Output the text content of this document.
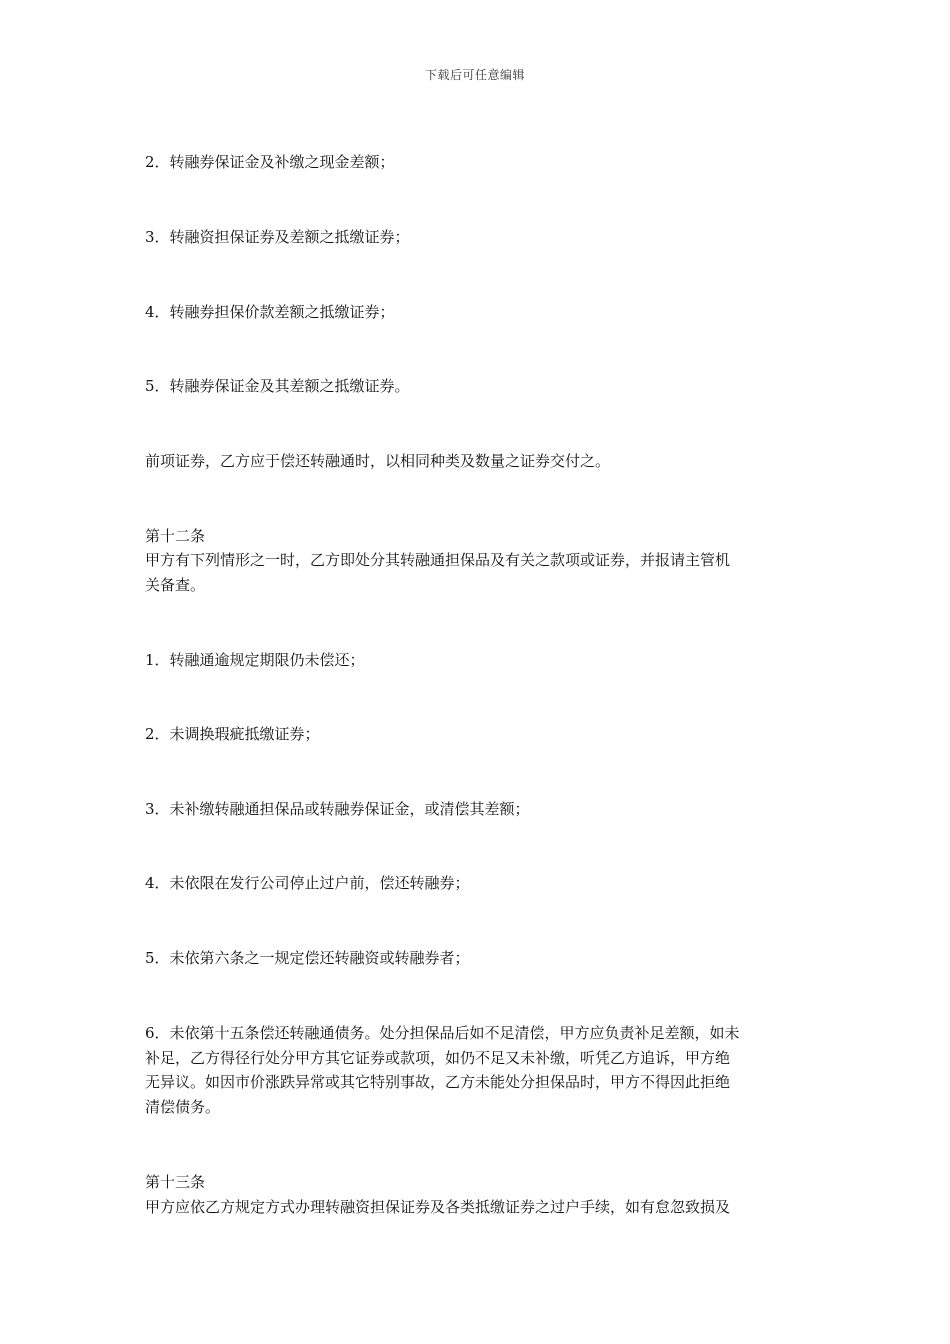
下载后可任意编辑
2．转融券保证金及补缴之现金差额；
3．转融资担保证券及差额之抵缴证券；
4．转融券担保价款差额之抵缴证券；
5．转融券保证金及其差额之抵缴证券。
前项证券，乙方应于偿还转融通时，以相同种类及数量之证券交付之。
第十二条
甲方有下列情形之一时，乙方即处分其转融通担保品及有关之款项或证券，并报请主管机
关备查。
1．转融通逾规定期限仍未偿还；
2．未调换瑕疵抵缴证券；
3．未补缴转融通担保品或转融券保证金，或清偿其差额；
4．未依限在发行公司停止过户前，偿还转融券；
5．未依第六条之一规定偿还转融资或转融券者；
6．未依第十五条偿还转融通债务。处分担保品后如不足清偿，甲方应负责补足差额，如未
补足，乙方得径行处分甲方其它证券或款项，如仍不足又未补缴，听凭乙方追诉，甲方绝
无异议。如因市价涨跌异常或其它特别事故，乙方未能处分担保品时，甲方不得因此拒绝
清偿债务。
第十三条
甲方应依乙方规定方式办理转融资担保证券及各类抵缴证券之过户手续，如有怠忽致损及
